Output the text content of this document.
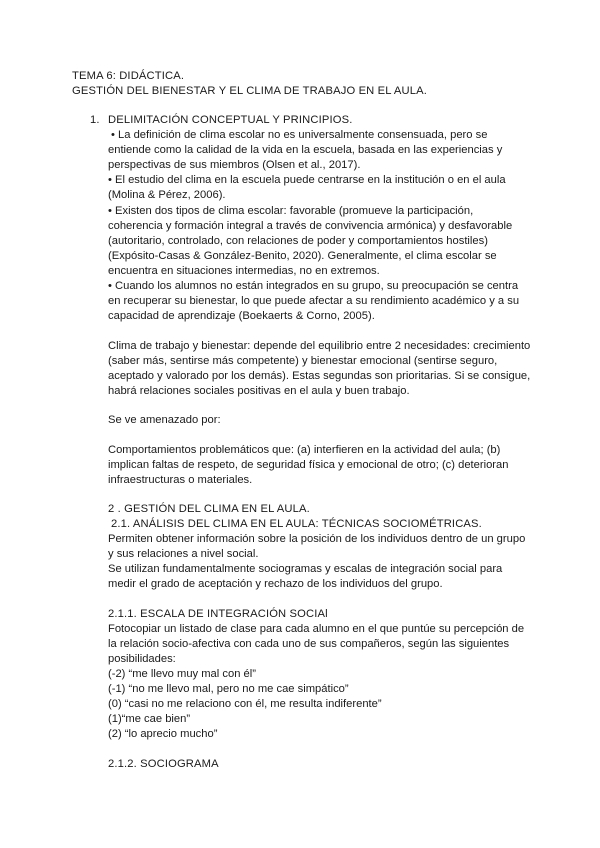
TEMA 6: DIDÁCTICA.
GESTIÓN DEL BIENESTAR Y EL CLIMA DE TRABAJO EN EL AULA.
1. DELIMITACIÓN CONCEPTUAL Y PRINCIPIOS.
• La definición de clima escolar no es universalmente consensuada, pero se
entiende como la calidad de la vida en la escuela, basada en las experiencias y
perspectivas de sus miembros (Olsen et al., 2017).
• El estudio del clima en la escuela puede centrarse en la institución o en el aula
(Molina & Pérez, 2006).
• Existen dos tipos de clima escolar: favorable (promueve la participación,
coherencia y formación integral a través de convivencia armónica) y desfavorable
(autoritario, controlado, con relaciones de poder y comportamientos hostiles)
(Expósito-Casas & González-Benito, 2020). Generalmente, el clima escolar se
encuentra en situaciones intermedias, no en extremos.
• Cuando los alumnos no están integrados en su grupo, su preocupación se centra
en recuperar su bienestar, lo que puede afectar a su rendimiento académico y a su
capacidad de aprendizaje (Boekaerts & Corno, 2005).
Clima de trabajo y bienestar: depende del equilibrio entre 2 necesidades: crecimiento
(saber más, sentirse más competente) y bienestar emocional (sentirse seguro,
aceptado y valorado por los demás). Estas segundas son prioritarias. Si se consigue,
habrá relaciones sociales positivas en el aula y buen trabajo.
Se ve amenazado por:
Comportamientos problemáticos que: (a) interfieren en la actividad del aula; (b)
implican faltas de respeto, de seguridad física y emocional de otro; (c) deterioran
infraestructuras o materiales.
2 . GESTIÓN DEL CLIMA EN EL AULA.
2.1. ANÁLISIS DEL CLIMA EN EL AULA: TÉCNICAS SOCIOMÉTRICAS.
Permiten obtener información sobre la posición de los individuos dentro de un grupo
y sus relaciones a nivel social.
Se utilizan fundamentalmente sociogramas y escalas de integración social para
medir el grado de aceptación y rechazo de los individuos del grupo.
2.1.1. ESCALA DE INTEGRACIÓN SOCIAl
Fotocopiar un listado de clase para cada alumno en el que puntúe su percepción de
la relación socio-afectiva con cada uno de sus compañeros, según las siguientes
posibilidades:
(-2) “me llevo muy mal con él”
(-1) “no me llevo mal, pero no me cae simpático”
(0) “casi no me relaciono con él, me resulta indiferente”
(1)“me cae bien”
(2) “lo aprecio mucho”
2.1.2. SOCIOGRAMA
